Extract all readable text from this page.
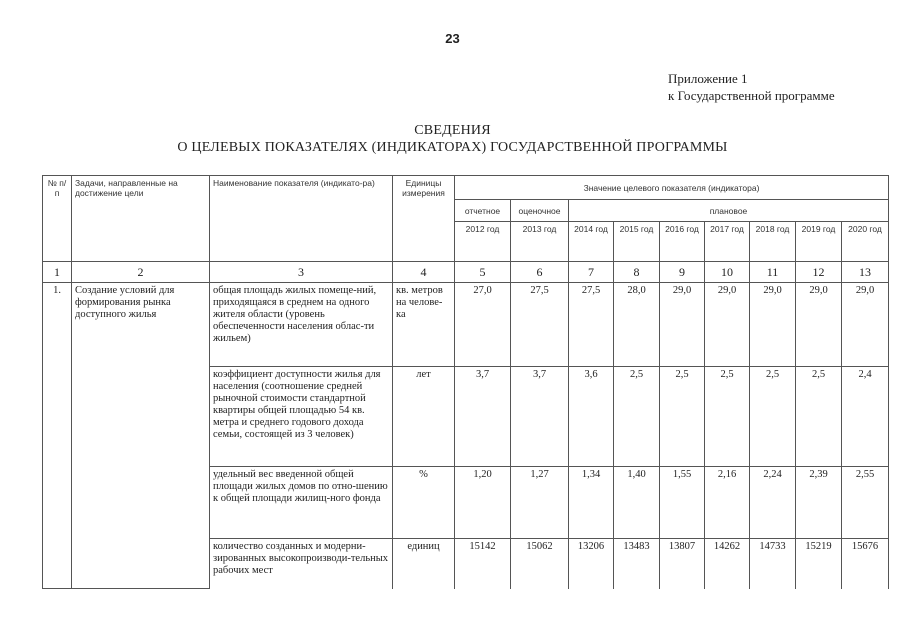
23
Приложение 1
к Государственной программе
СВЕДЕНИЯ
О ЦЕЛЕВЫХ ПОКАЗАТЕЛЯХ (ИНДИКАТОРАХ) ГОСУДАРСТВЕННОЙ ПРОГРАММЫ
№ п/п	Задачи, направленные на достижение цели	Наименование показателя (индикато-ра)	Единицы измерения	Значение целевого показателя (индикатора)								
				отчетное	оценочное	плановое						
				2012 год	2013 год	2014 год	2015 год	2016 год	2017 год	2018 год	2019 год	2020 год
1	2	3	4	5	6	7	8	9	10	11	12	13
1.	Создание условий для формирования рынка доступного жилья	общая площадь жилых помеще-ний, приходящаяся в среднем на одного жителя области (уровень обеспеченности населения облас-ти жильем)	кв. метров на челове-ка	27,0	27,5	27,5	28,0	29,0	29,0	29,0	29,0	29,0
		коэффициент доступности жилья для населения (соотношение средней рыночной стоимости стандартной квартиры общей площадью 54 кв. метра и среднего годового дохода семьи, состоящей из 3 человек)	лет	3,7	3,7	3,6	2,5	2,5	2,5	2,5	2,5	2,4
		удельный вес введенной общей площади жилых домов по отно-шению к общей площади жилищ-ного фонда	%	1,20	1,27	1,34	1,40	1,55	2,16	2,24	2,39	2,55
		количество созданных и модерни-зированных высокопроизводи-тельных рабочих мест	единиц	15142	15062	13206	13483	13807	14262	14733	15219	15676
